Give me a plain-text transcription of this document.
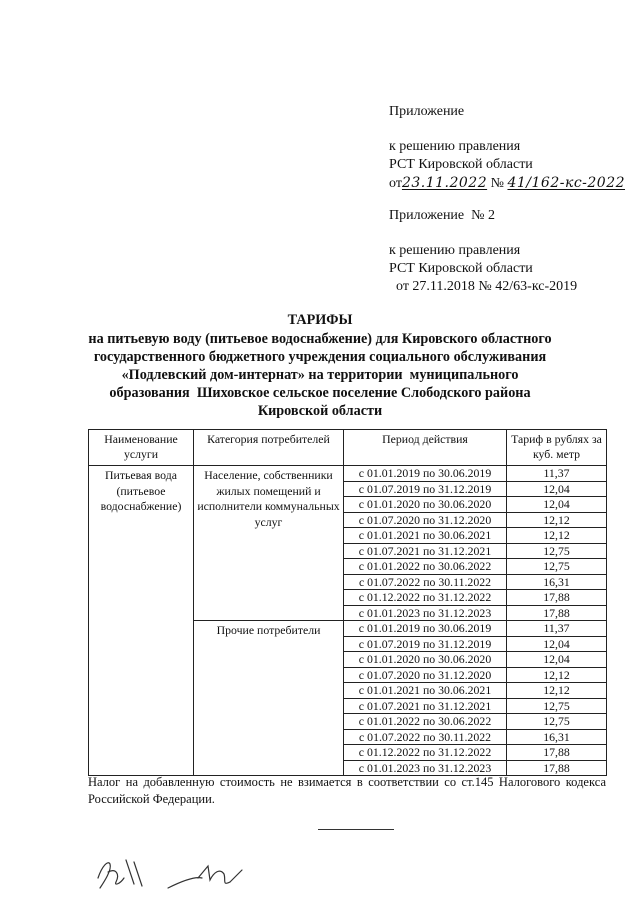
Приложение
к решению правления
РСТ Кировской области
от23.11.2022 № 41/162-кс-2022
Приложение  № 2
к решению правления
РСТ Кировской области
от 27.11.2018 № 42/63-кс-2019
ТАРИФЫ
на питьевую воду (питьевое водоснабжение) для Кировского областного
государственного бюджетного учреждения социального обслуживания
«Подлевский дом-интернат» на территории  муниципального
образования  Шиховское сельское поселение Слободского района
Кировской области
Наименование услуги	Категория потребителей	Период действия	Тариф в рублях за куб. метр
Питьевая вода (питьевое водоснабжение)	Население, собственники жилых помещений и исполнители коммунальных услуг	с 01.01.2019 по 30.06.2019	11,37
		с 01.07.2019 по 31.12.2019	12,04
		с 01.01.2020 по 30.06.2020	12,04
		с 01.07.2020 по 31.12.2020	12,12
		с 01.01.2021 по 30.06.2021	12,12
		с 01.07.2021 по 31.12.2021	12,75
		с 01.01.2022 по 30.06.2022	12,75
		с 01.07.2022 по 30.11.2022	16,31
		с 01.12.2022 по 31.12.2022	17,88
		с 01.01.2023 по 31.12.2023	17,88
	Прочие потребители	с 01.01.2019 по 30.06.2019	11,37
		с 01.07.2019 по 31.12.2019	12,04
		с 01.01.2020 по 30.06.2020	12,04
		с 01.07.2020 по 31.12.2020	12,12
		с 01.01.2021 по 30.06.2021	12,12
		с 01.07.2021 по 31.12.2021	12,75
		с 01.01.2022 по 30.06.2022	12,75
		с 01.07.2022 по 30.11.2022	16,31
		с 01.12.2022 по 31.12.2022	17,88
		с 01.01.2023 по 31.12.2023	17,88
Налог на добавленную стоимость не взимается в соответствии со ст.145 Налогового кодекса Российской Федерации.
